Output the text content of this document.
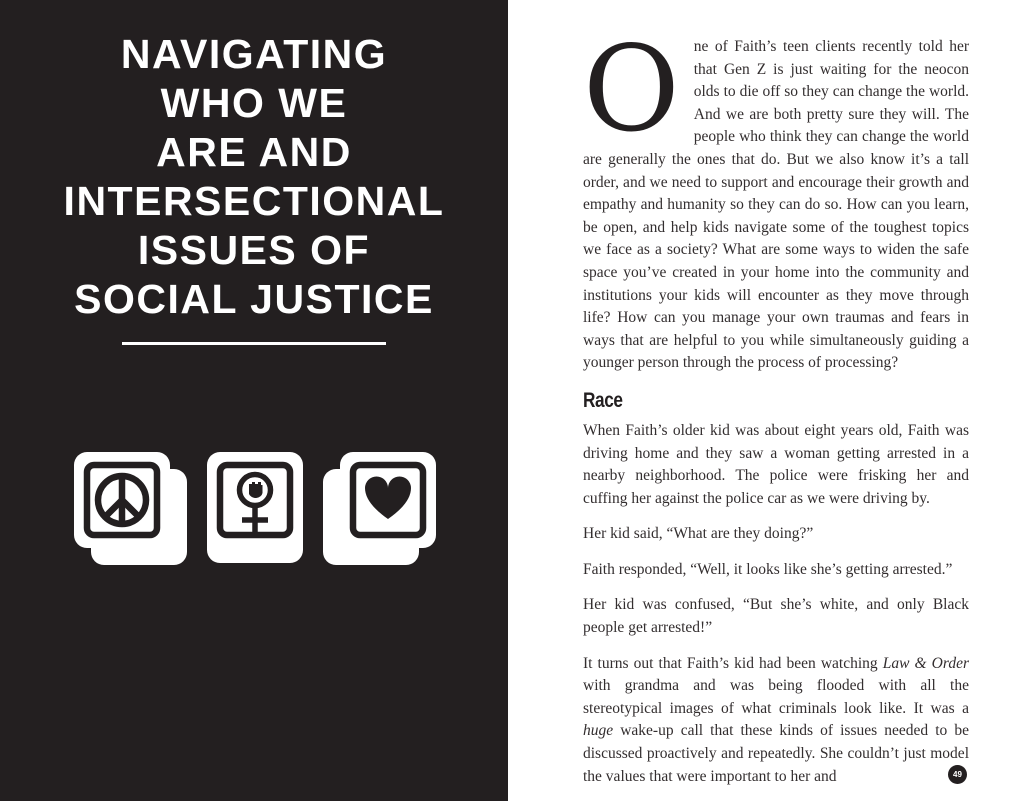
NAVIGATING
WHO WE
ARE AND
INTERSECTIONAL
ISSUES OF
SOCIAL JUSTICE

One of Faith’s teen clients recently told her that Gen Z is just waiting for the neocon olds to die off so they can change the world. And we are both pretty sure they will. The people who think they can change the world are generally the ones that do. But we also know it’s a tall order, and we need to support and encourage their growth and empathy and humanity so they can do so. How can you learn, be open, and help kids navigate some of the toughest topics we face as a society? What are some ways to widen the safe space you’ve created in your home into the community and institutions your kids will encounter as they move through life? How can you manage your own traumas and fears in ways that are helpful to you while simultaneously guiding a younger person through the process of processing?

Race

When Faith’s older kid was about eight years old, Faith was driving home and they saw a woman getting arrested in a nearby neighborhood. The police were frisking her and cuffing her against the police car as we were driving by.

Her kid said, “What are they doing?”

Faith responded, “Well, it looks like she’s getting arrested.”

Her kid was confused, “But she’s white, and only Black people get arrested!”

It turns out that Faith’s kid had been watching Law & Order with grandma and was being flooded with all the stereotypical images of what criminals look like. It was a huge wake-up call that these kinds of issues needed to be discussed proactively and repeatedly. She couldn’t just model the values that were important to her and	49
